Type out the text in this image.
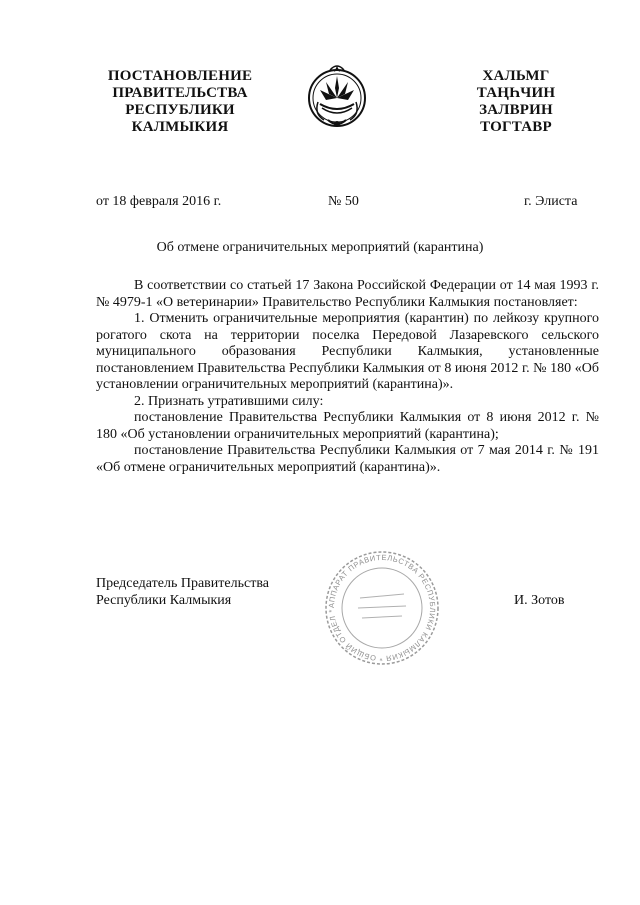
ПОСТАНОВЛЕНИЕ
ПРАВИТЕЛЬСТВА
РЕСПУБЛИКИ
КАЛМЫКИЯ
ХАЛЬМГ
ТАҢҺЧИН
ЗАЛВРИН
ТОГТАВР
от 18 февраля 2016 г.	№ 50	г. Элиста
Об отмене ограничительных мероприятий (карантина)

В соответствии со статьей 17 Закона Российской Федерации от 14 мая 1993 г. № 4979-1 «О ветеринарии» Правительство Республики Калмыкия постановляет:

1. Отменить ограничительные мероприятия (карантин) по лейкозу крупного рогатого скота на территории поселка Передовой Лазаревского сельского муниципального образования Республики Калмыкия, установленные постановлением Правительства Республики Калмыкия от 8 июня 2012 г. № 180 «Об установлении ограничительных мероприятий (карантина)».

2. Признать утратившими силу:

постановление Правительства Республики Калмыкия от 8 июня 2012 г. № 180 «Об установлении ограничительных мероприятий (карантина);

постановление Правительства Республики Калмыкия от 7 мая 2014 г. № 191 «Об отмене ограничительных мероприятий (карантина)».

Председатель Правительства
Республики Калмыкия	АППАРАТ ПРАВИТЕЛЬСТВА РЕСПУБЛИКИ КАЛМЫКИЯ * ОБЩИЙ ОТДЕЛ *
И. Зотов
